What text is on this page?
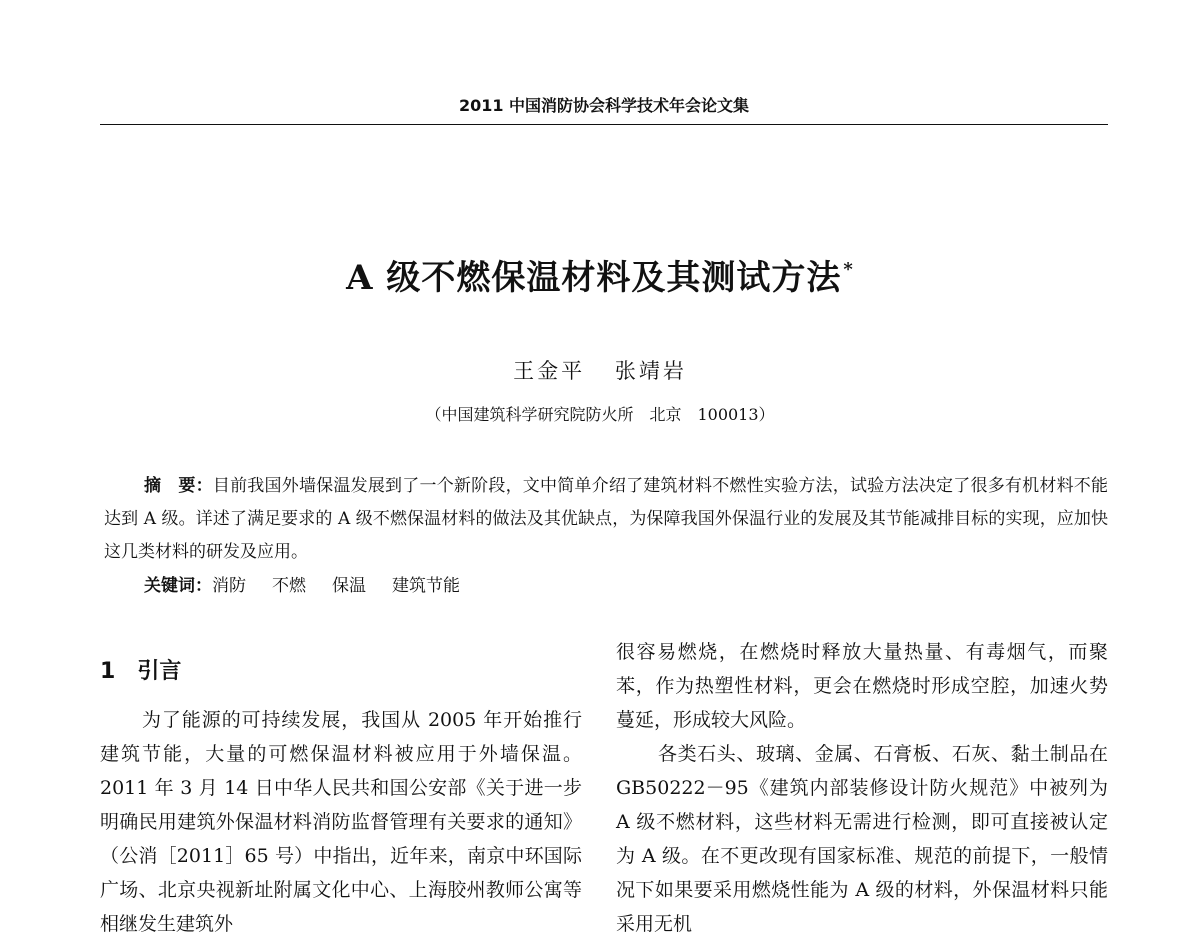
2011 中国消防协会科学技术年会论文集
A 级不燃保温材料及其测试方法 *
王金平 张靖岩
（中国建筑科学研究院防火所　北京　100013）
摘　要：目前我国外墙保温发展到了一个新阶段，文中简单介绍了建筑材料不燃性实验方法，试验方法决定了很多有机材料不能达到 A 级。详述了满足要求的 A 级不燃保温材料的做法及其优缺点，为保障我国外保温行业的发展及其节能减排目标的实现，应加快这几类材料的研发及应用。
关键词：消防 不燃 保温 建筑节能
1 引言

为了能源的可持续发展，我国从 2005 年开始推行建筑节能，大量的可燃保温材料被应用于外墙保温。2011 年 3 月 14 日中华人民共和国公安部《关于进一步明确民用建筑外保温材料消防监督管理有关要求的通知》（公消［2011］65 号）中指出，近年来，南京中环国际广场、北京央视新址附属文化中心、上海胶州教师公寓等相继发生建筑外

很容易燃烧，在燃烧时释放大量热量、有毒烟气，而聚苯，作为热塑性材料，更会在燃烧时形成空腔，加速火势蔓延，形成较大风险。

各类石头、玻璃、金属、石膏板、石灰、黏土制品在 GB50222－95《建筑内部装修设计防火规范》中被列为 A 级不燃材料，这些材料无需进行检测，即可直接被认定为 A 级。在不更改现有国家标准、规范的前提下，一般情况下如果要采用燃烧性能为 A 级的材料，外保温材料只能采用无机
